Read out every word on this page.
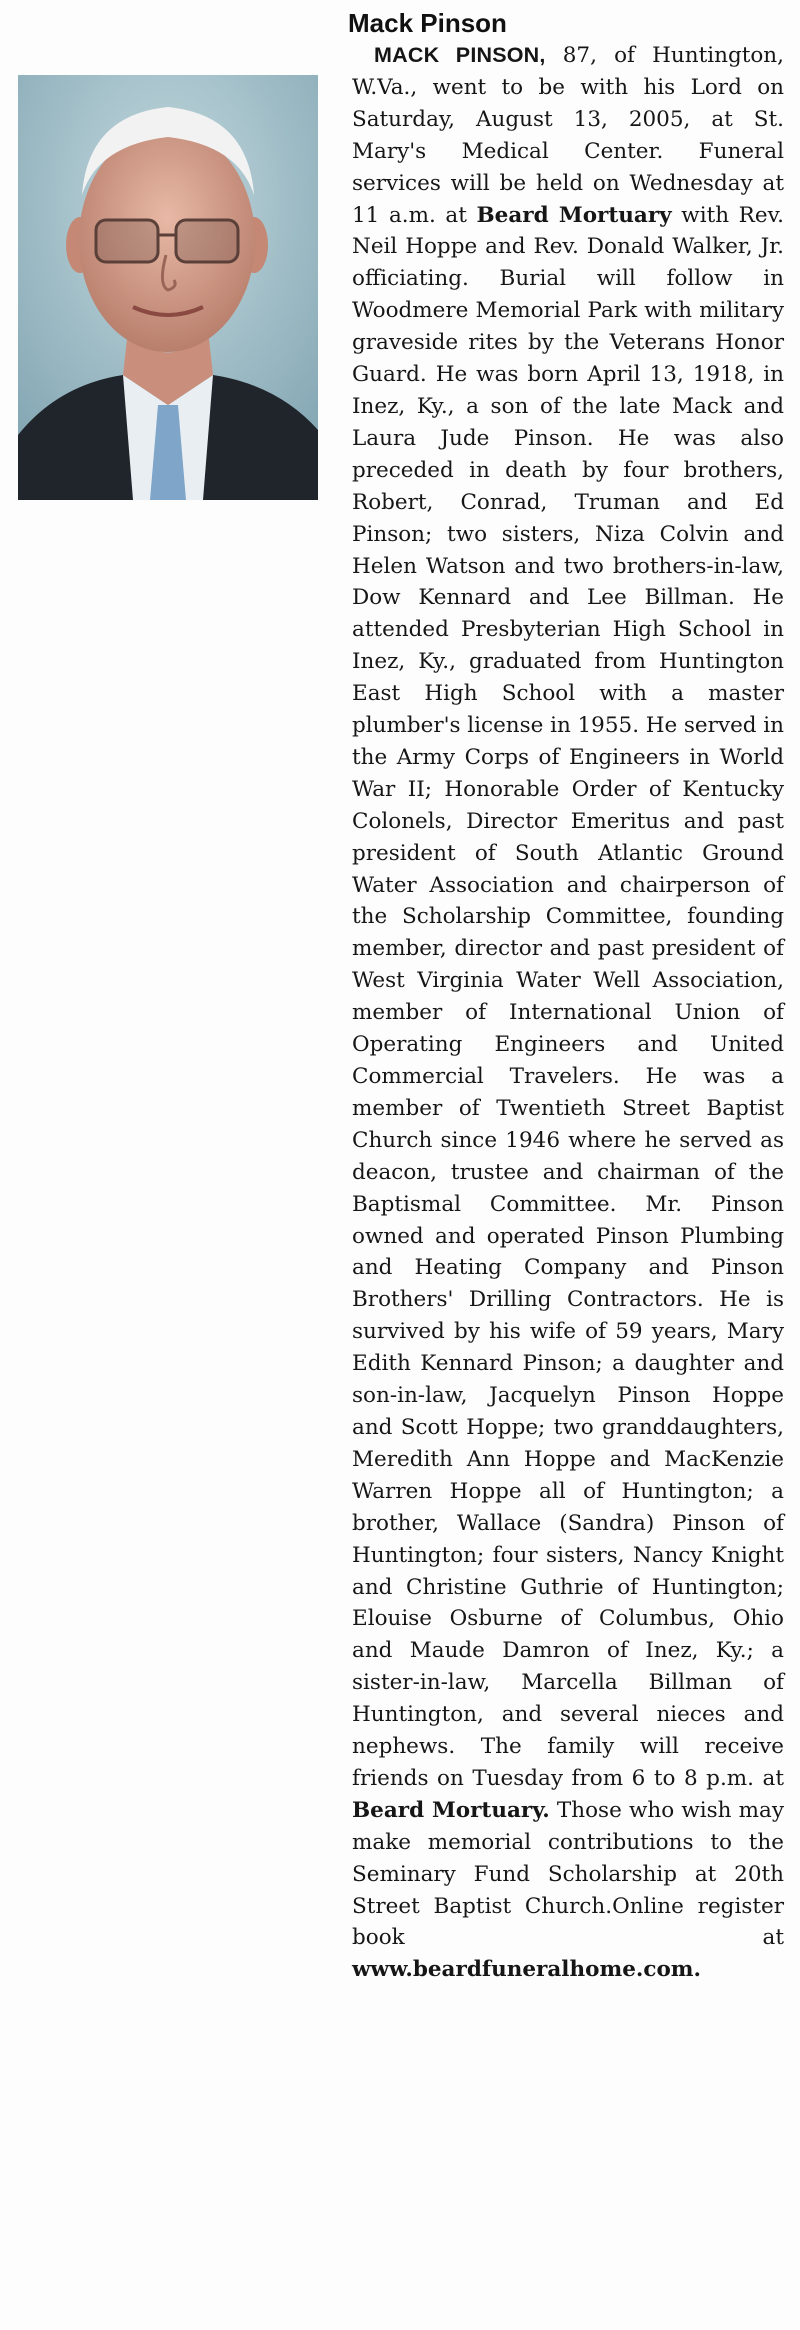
Mack Pinson

MACK PINSON, 87, of Huntington, W.Va., went to be with his Lord on Saturday, August 13, 2005, at St. Mary's Medical Center. Funeral services will be held on Wednesday at 11 a.m. at Beard Mortuary with Rev. Neil Hoppe and Rev. Donald Walker, Jr. officiating. Burial will follow in Woodmere Memorial Park with military graveside rites by the Veterans Honor Guard. He was born April 13, 1918, in Inez, Ky., a son of the late Mack and Laura Jude Pinson. He was also preceded in death by four brothers, Robert, Conrad, Truman and Ed Pinson; two sisters, Niza Colvin and Helen Watson and two brothers-in-law, Dow Kennard and Lee Billman. He attended Presbyterian High School in Inez, Ky., graduated from Huntington East High School with a master plumber's license in 1955. He served in the Army Corps of Engineers in World War II; Honorable Order of Kentucky Colonels, Director Emeritus and past president of South Atlantic Ground Water Association and chairperson of the Scholarship Committee, founding member, director and past president of West Virginia Water Well Association, member of International Union of Operating Engineers and United Commercial Travelers. He was a member of Twentieth Street Baptist Church since 1946 where he served as deacon, trustee and chairman of the Baptismal Committee. Mr. Pinson owned and operated Pinson Plumbing and Heating Company and Pinson Brothers' Drilling Contractors. He is survived by his wife of 59 years, Mary Edith Kennard Pinson; a daughter and son-in-law, Jacquelyn Pinson Hoppe and Scott Hoppe; two granddaughters, Meredith Ann Hoppe and MacKenzie Warren Hoppe all of Huntington; a brother, Wallace (Sandra) Pinson of Huntington; four sisters, Nancy Knight and Christine Guthrie of Huntington; Elouise Osburne of Columbus, Ohio and Maude Damron of Inez, Ky.; a sister-in-law, Marcella Billman of Huntington, and several nieces and nephews. The family will receive friends on Tuesday from 6 to 8 p.m. at Beard Mortuary. Those who wish may make memorial contributions to the Seminary Fund Scholarship at 20th Street Baptist Church.Online register book at www.beardfuneralhome.com.
